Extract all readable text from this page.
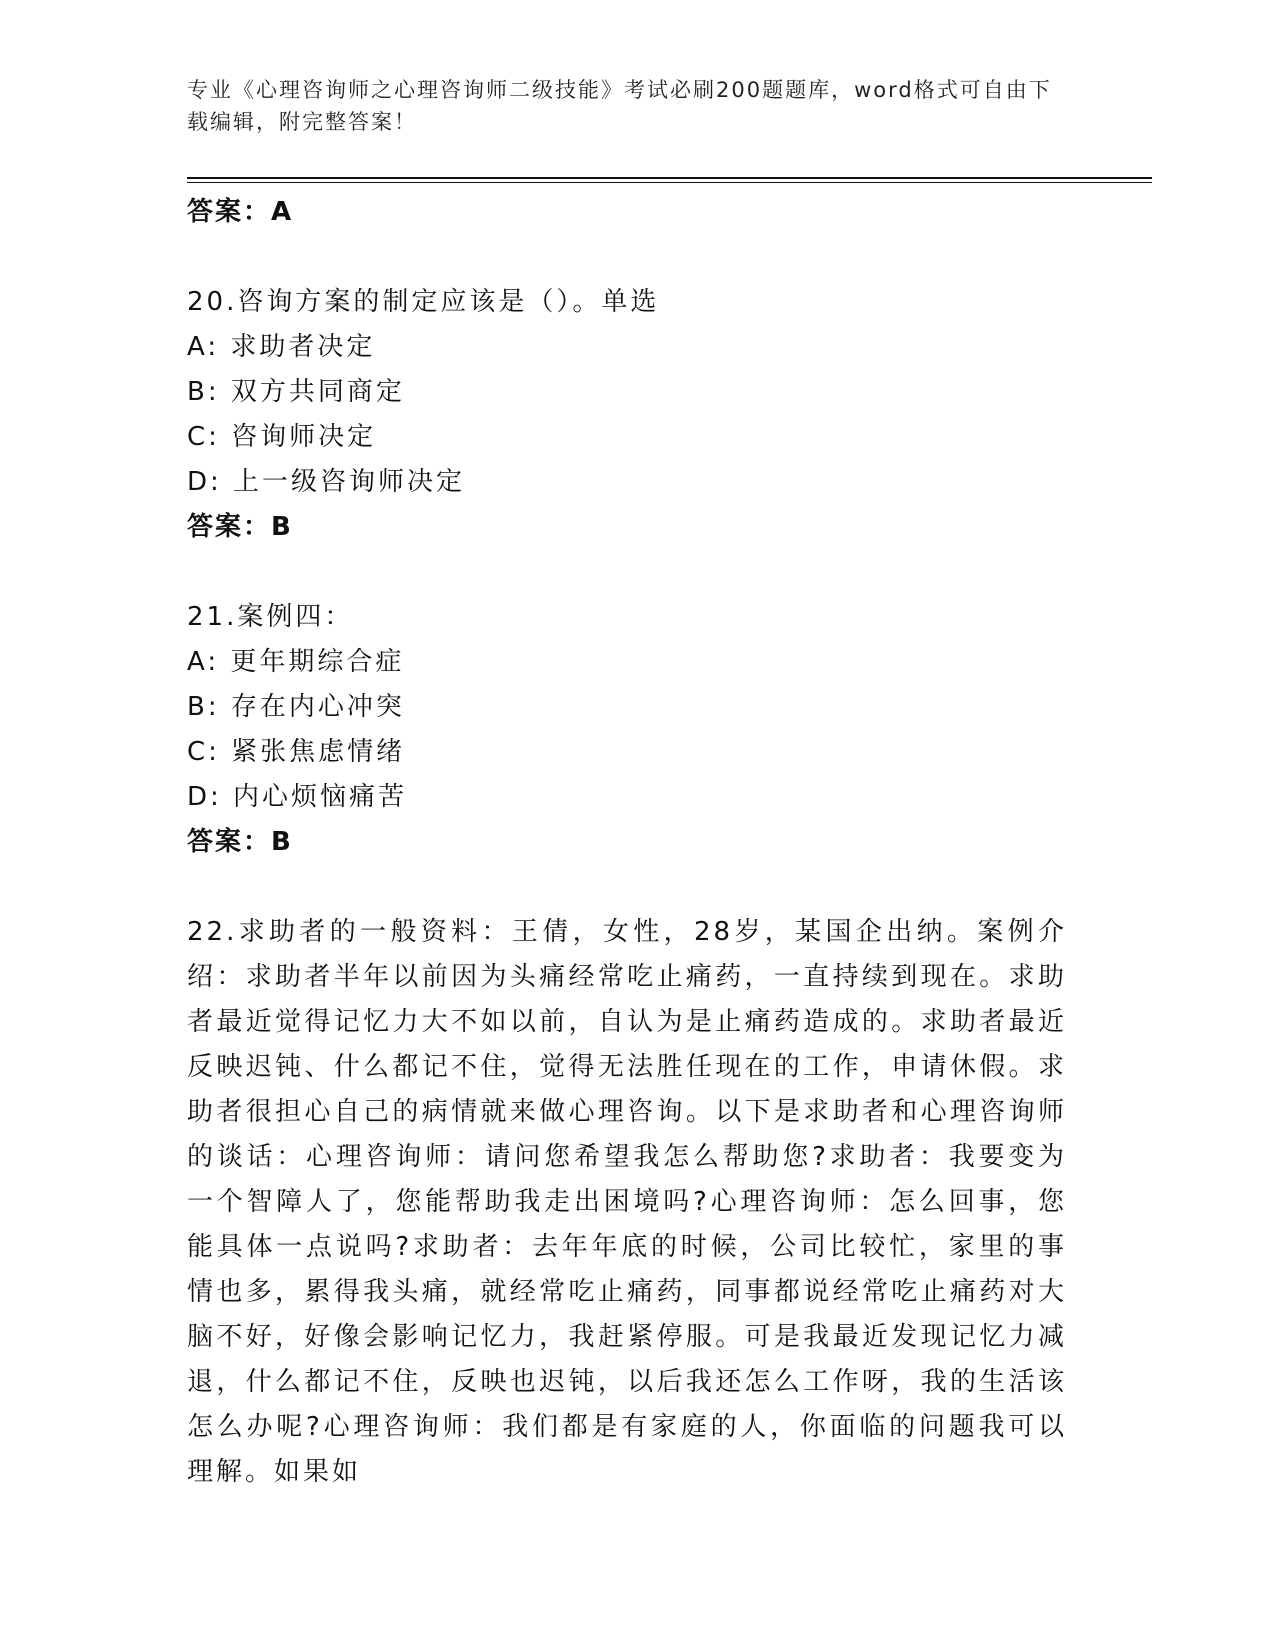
专业《心理咨询师之心理咨询师二级技能》考试必刷200题题库，word格式可自由下载编辑，附完整答案！
答案：A
20.咨询方案的制定应该是（）。单选
A: 求助者决定
B: 双方共同商定
C: 咨询师决定
D: 上一级咨询师决定
答案：B
21.案例四：
A: 更年期综合症
B: 存在内心冲突
C: 紧张焦虑情绪
D: 内心烦恼痛苦
答案：B
22.求助者的一般资料：王倩，女性，28岁，某国企出纳。案例介绍：求助者半年以前因为头痛经常吃止痛药，一直持续到现在。求助者最近觉得记忆力大不如以前，自认为是止痛药造成的。求助者最近反映迟钝、什么都记不住，觉得无法胜任现在的工作，申请休假。求助者很担心自己的病情就来做心理咨询。以下是求助者和心理咨询师的谈话：心理咨询师：请问您希望我怎么帮助您?求助者：我要变为一个智障人了，您能帮助我走出困境吗?心理咨询师：怎么回事，您能具体一点说吗?求助者：去年年底的时候，公司比较忙，家里的事情也多，累得我头痛，就经常吃止痛药，同事都说经常吃止痛药对大脑不好，好像会影响记忆力，我赶紧停服。可是我最近发现记忆力减退，什么都记不住，反映也迟钝，以后我还怎么工作呀，我的生活该怎么办呢?心理咨询师：我们都是有家庭的人，你面临的问题我可以理解。如果如
